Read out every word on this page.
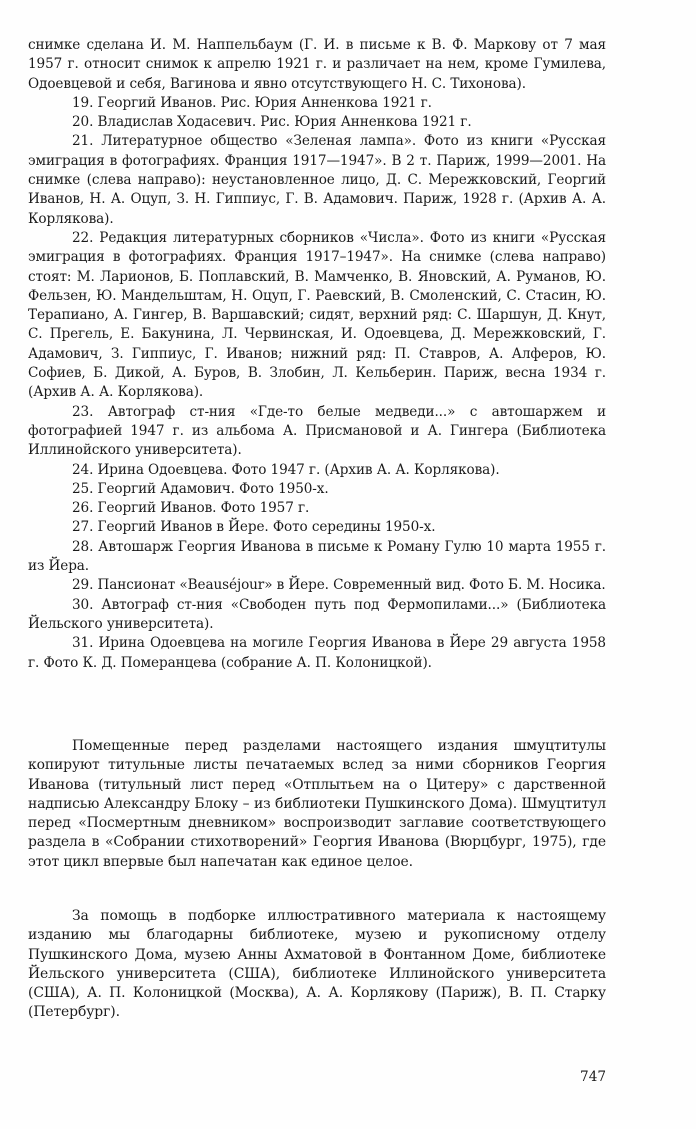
снимке сделана И. М. Наппельбаум (Г. И. в письме к В. Ф. Маркову от 7 мая 1957 г. относит снимок к апрелю 1921 г. и различает на нем, кроме Гумилева, Одоевцевой и себя, Вагинова и явно отсутствующего Н. С. Тихонова).

19. Георгий Иванов. Рис. Юрия Анненкова 1921 г.

20. Владислав Ходасевич. Рис. Юрия Анненкова 1921 г.

21. Литературное общество «Зеленая лампа». Фото из книги «Русская эмиграция в фотографиях. Франция 1917—1947». В 2 т. Париж, 1999—2001. На снимке (слева направо): неустановленное лицо, Д. С. Мережковский, Георгий Иванов, Н. А. Оцуп, З. Н. Гиппиус, Г. В. Адамович. Париж, 1928 г. (Архив А. А. Корлякова).

22. Редакция литературных сборников «Числа». Фото из книги «Русская эмиграция в фотографиях. Франция 1917–1947». На снимке (слева направо) стоят: М. Ларионов, Б. Поплавский, В. Мамченко, В. Яновский, А. Руманов, Ю. Фельзен, Ю. Мандельштам, Н. Оцуп, Г. Раевский, В. Смоленский, С. Стасин, Ю. Терапиано, А. Гингер, В. Варшавский; сидят, верхний ряд: С. Шаршун, Д. Кнут, С. Прегель, Е. Бакунина, Л. Червинская, И. Одоевцева, Д. Мережковский, Г. Адамович, З. Гиппиус, Г. Иванов; нижний ряд: П. Ставров, А. Алферов, Ю. Софиев, Б. Дикой, А. Буров, В. Злобин, Л. Кельберин. Париж, весна 1934 г. (Архив А. А. Корлякова).

23. Автограф ст-ния «Где-то белые медведи...» с автошаржем и фотографией 1947 г. из альбома А. Присмановой и А. Гингера (Библиотека Иллинойского университета).

24. Ирина Одоевцева. Фото 1947 г. (Архив А. А. Корлякова).

25. Георгий Адамович. Фото 1950-х.

26. Георгий Иванов. Фото 1957 г.

27. Георгий Иванов в Йере. Фото середины 1950-х.

28. Автошарж Георгия Иванова в письме к Роману Гулю 10 марта 1955 г. из Йера.

29. Пансионат «Beauséjour» в Йере. Современный вид. Фото Б. М. Носика.

30. Автограф ст-ния «Свободен путь под Фермопилами...» (Библиотека Йельского университета).

31. Ирина Одоевцева на могиле Георгия Иванова в Йере 29 августа 1958 г. Фото К. Д. Померанцева (собрание А. П. Колоницкой).

Помещенные перед разделами настоящего издания шмуцтитулы копируют титульные листы печатаемых вслед за ними сборников Георгия Иванова (титульный лист перед «Отплытьем на о Цитеру» с дарственной надписью Александру Блоку – из библиотеки Пушкинского Дома). Шмуцтитул перед «Посмертным дневником» воспроизводит заглавие соответствующего раздела в «Собрании стихотворений» Георгия Иванова (Вюрцбург, 1975), где этот цикл впервые был напечатан как единое целое.

За помощь в подборке иллюстративного материала к настоящему изданию мы благодарны библиотеке, музею и рукописному отделу Пушкинского Дома, музею Анны Ахматовой в Фонтанном Доме, библиотеке Йельского университета (США), библиотеке Иллинойского университета (США), А. П. Колоницкой (Москва), А. А. Корлякову (Париж), В. П. Старку (Петербург).

747
